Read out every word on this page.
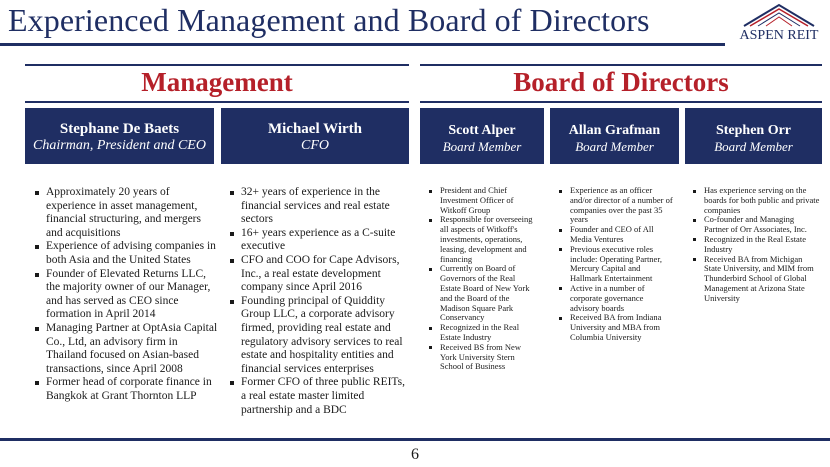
Experienced Management and Board of Directors	ASPEN REIT
Management	Board of Directors
Stephane De Baets
Chairman, President and CEO
Michael Wirth
CFO
Scott Alper
Board Member
Allan Grafman
Board Member
Stephen Orr
Board Member
Approximately 20 years of experience in asset management, financial structuring, and mergers and acquisitions
Experience of advising companies in both Asia and the United States
Founder of Elevated Returns LLC, the majority owner of our Manager, and has served as CEO since formation in April 2014
Managing Partner at OptAsia Capital Co., Ltd, an advisory firm in Thailand focused on Asian-based transactions, since April 2008
Former head of corporate finance in Bangkok at Grant Thornton LLP
32+ years of experience in the financial services and real estate sectors
16+ years experience as a C-suite executive
CFO and COO for Cape Advisors, Inc., a real estate development company since April 2016
Founding principal of Quiddity Group LLC, a corporate advisory firmed, providing real estate and regulatory advisory services to real estate and hospitality entities and financial services enterprises
Former CFO of three public REITs, a real estate master limited partnership and a BDC
President and Chief Investment Officer of Witkoff Group
Responsible for overseeing all aspects of Witkoff's investments, operations, leasing, development and financing
Currently on Board of Governors of the Real Estate Board of New York and the Board of the Madison Square Park Conservancy
Recognized in the Real Estate Industry
Received BS from New York University Stern School of Business
Experience as an officer and/or director of a number of companies over the past 35 years
Founder and CEO of All Media Ventures
Previous executive roles include: Operating Partner, Mercury Capital and Hallmark Entertainment
Active in a number of corporate governance advisory boards
Received BA from Indiana University and MBA from Columbia University
Has experience serving on the boards for both public and private companies
Co-founder and Managing Partner of Orr Associates, Inc.
Recognized in the Real Estate Industry
Received BA from Michigan State University, and MIM from Thunderbird School of Global Management at Arizona State University
6
